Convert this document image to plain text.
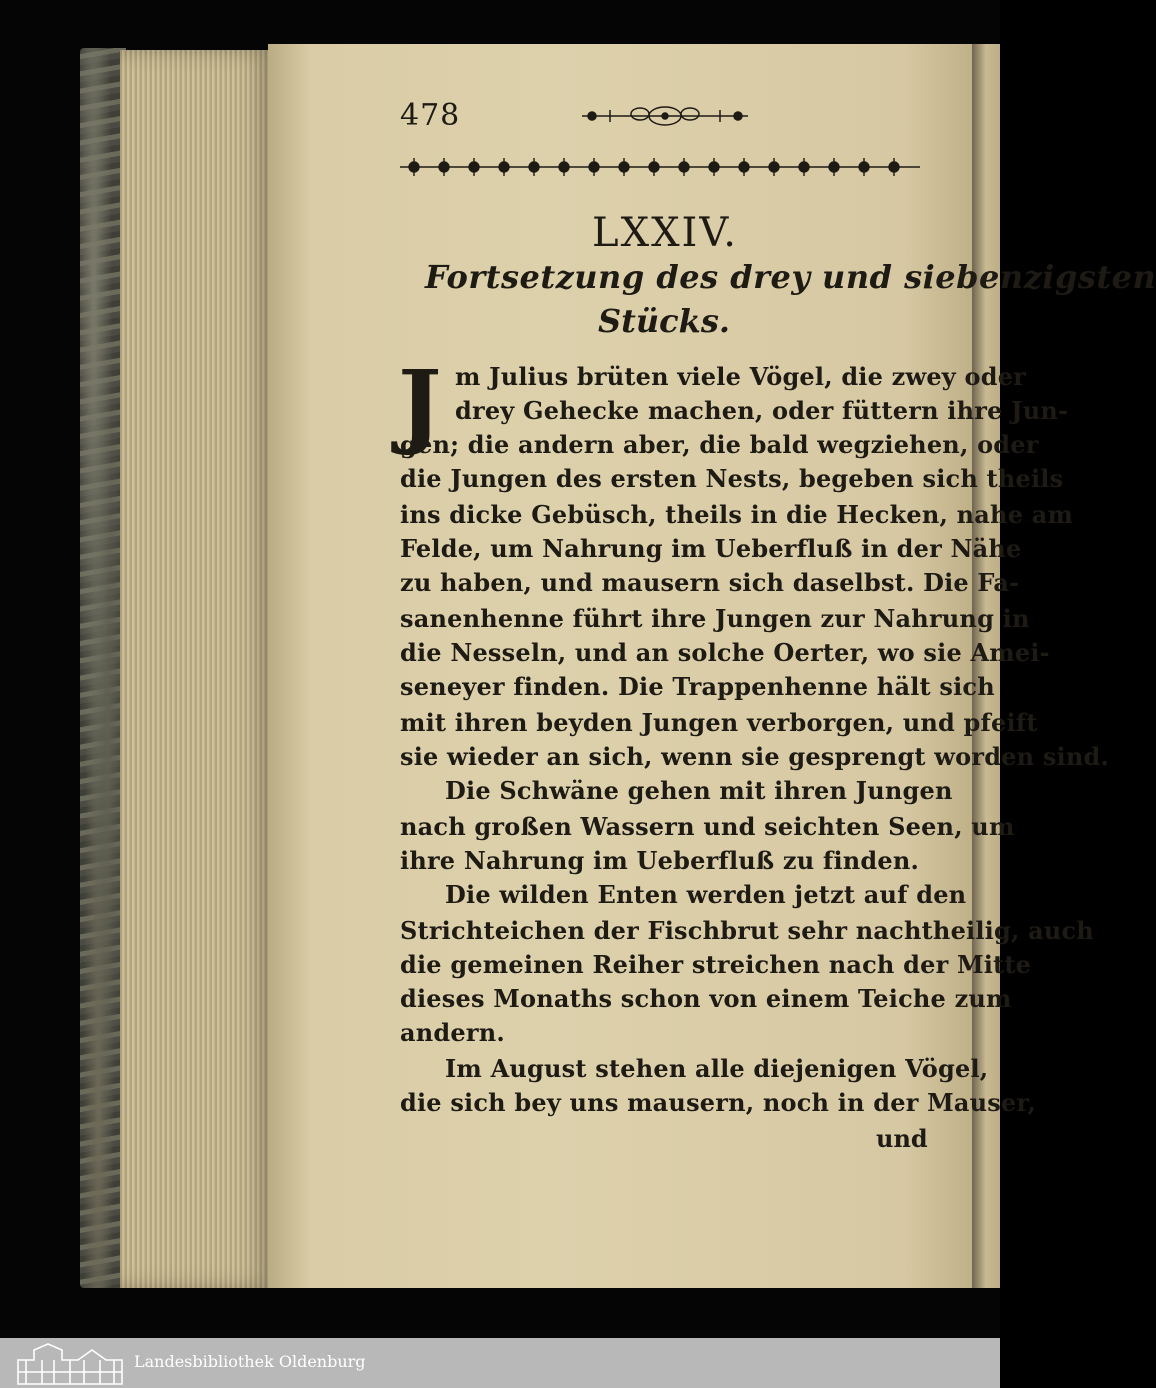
478
LXXIV.
Fortsetzung des drey und siebenzigsten
Stücks.
J m Julius brüten viele Vögel, die zwey oder
drey Gehecke machen, oder füttern ihre Jun-
gen; die andern aber, die bald wegziehen, oder
die Jungen des ersten Nests, begeben sich theils
ins dicke Gebüsch, theils in die Hecken, nahe am
Felde, um Nahrung im Ueberfluß in der Nähe
zu haben, und mausern sich daselbst. Die Fa-
sanenhenne führt ihre Jungen zur Nahrung in
die Nesseln, und an solche Oerter, wo sie Amei-
seneyer finden. Die Trappenhenne hält sich
mit ihren beyden Jungen verborgen, und pfeift
sie wieder an sich, wenn sie gesprengt worden sind.
Die Schwäne gehen mit ihren Jungen
nach großen Wassern und seichten Seen, um
ihre Nahrung im Ueberfluß zu finden.
Die wilden Enten werden jetzt auf den
Strichteichen der Fischbrut sehr nachtheilig, auch
die gemeinen Reiher streichen nach der Mitte
dieses Monaths schon von einem Teiche zum
andern.
Im August stehen alle diejenigen Vögel,
die sich bey uns mausern, noch in der Mauser,
und
Landesbibliothek Oldenburg
